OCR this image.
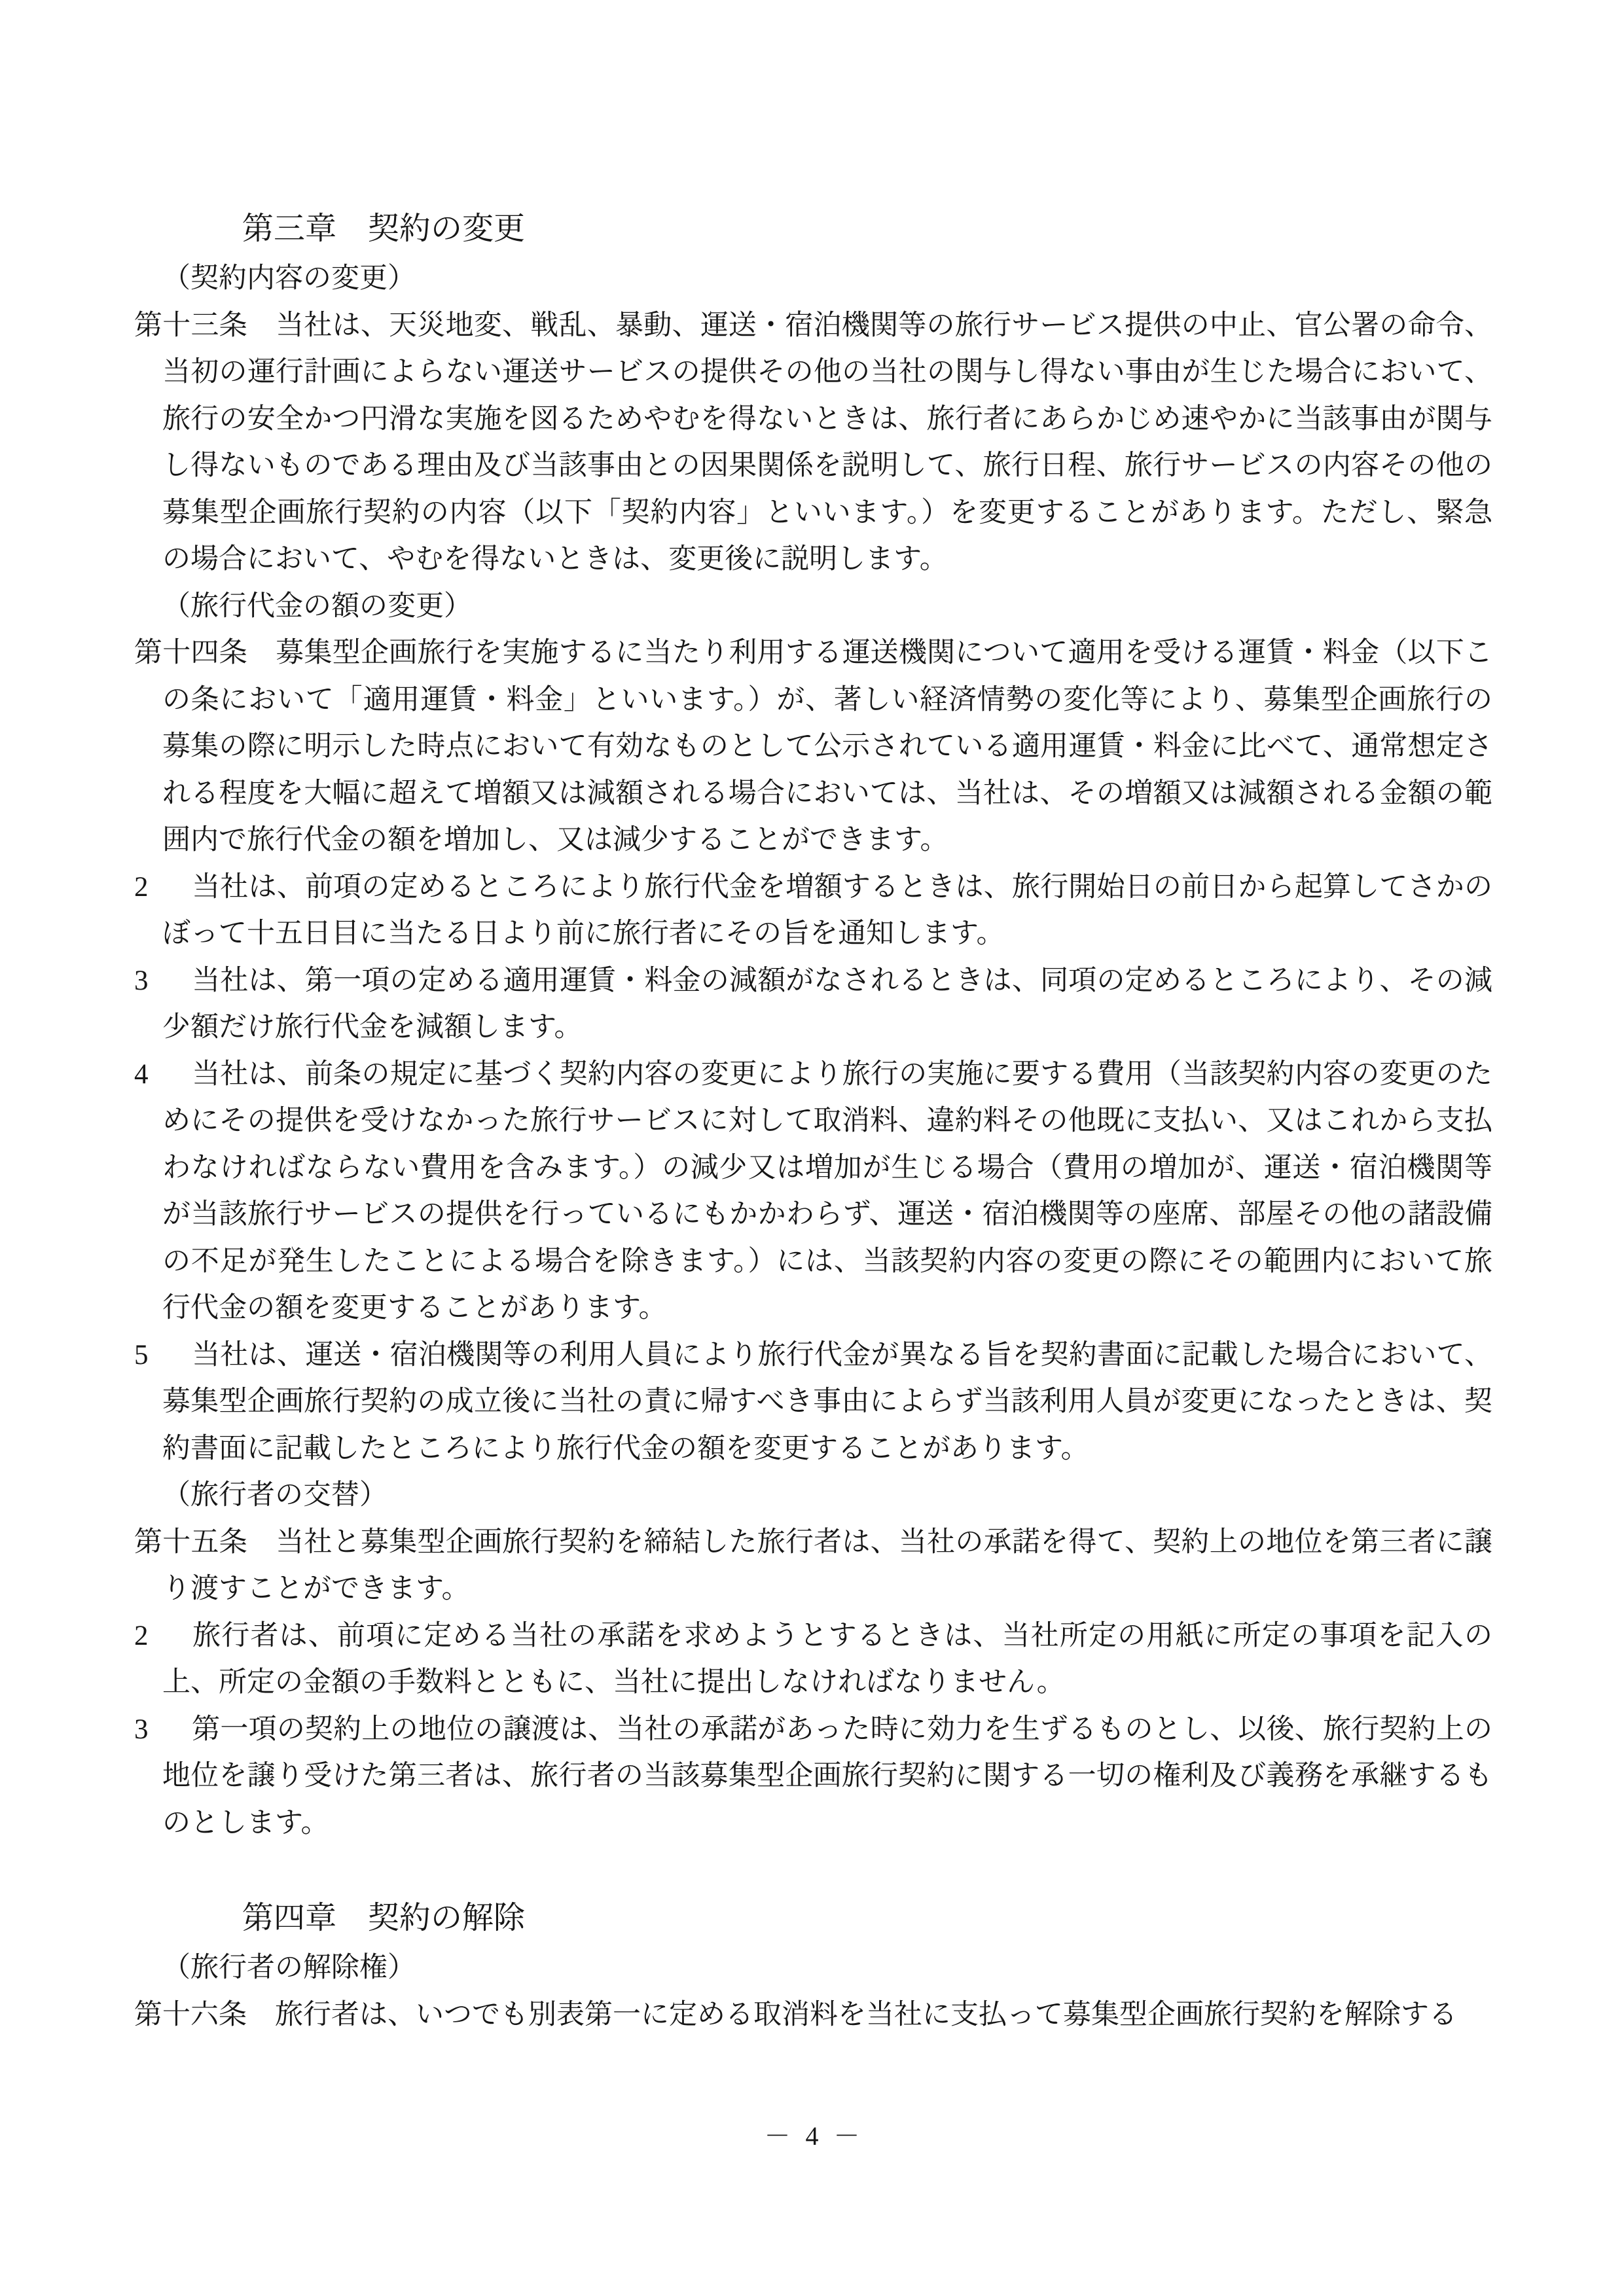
第三章　契約の変更
（契約内容の変更）
第十三条　 当社は、天災地変、戦乱、暴動、運送・宿泊機関等の旅行サービス提供の中止、官公署の命令、当初の運行計画によらない運送サービスの提供その他の当社の関与し得ない事由が生じた場合において、旅行の安全かつ円滑な実施を図るためやむを得ないときは、旅行者にあらかじめ速やかに当該事由が関与し得ないものである理由及び当該事由との因果関係を説明して、旅行日程、旅行サービスの内容その他の募集型企画旅行契約の内容（以下「契約内容」といいます。）を変更することがあります。ただし、緊急の場合において、やむを得ないときは、変更後に説明します。
（旅行代金の額の変更）
第十四条　 募集型企画旅行を実施するに当たり利用する運送機関について適用を受ける運賃・料金（以下この条において「適用運賃・料金」といいます。）が、著しい経済情勢の変化等により、募集型企画旅行の募集の際に明示した時点において有効なものとして公示されている適用運賃・料金に比べて、通常想定される程度を大幅に超えて増額又は減額される場合においては、当社は、その増額又は減額される金額の範囲内で旅行代金の額を増加し、又は減少することができます。
2 当社は、前項の定めるところにより旅行代金を増額するときは、旅行開始日の前日から起算してさかのぼって十五日目に当たる日より前に旅行者にその旨を通知します。
3 当社は、第一項の定める適用運賃・料金の減額がなされるときは、同項の定めるところにより、その減少額だけ旅行代金を減額します。
4 当社は、前条の規定に基づく契約内容の変更により旅行の実施に要する費用（当該契約内容の変更のためにその提供を受けなかった旅行サービスに対して取消料、違約料その他既に支払い、又はこれから支払わなければならない費用を含みます。）の減少又は増加が生じる場合（費用の増加が、運送・宿泊機関等が当該旅行サービスの提供を行っているにもかかわらず、運送・宿泊機関等の座席、部屋その他の諸設備の不足が発生したことによる場合を除きます。）には、当該契約内容の変更の際にその範囲内において旅行代金の額を変更することがあります。
5 当社は、運送・宿泊機関等の利用人員により旅行代金が異なる旨を契約書面に記載した場合において、募集型企画旅行契約の成立後に当社の責に帰すべき事由によらず当該利用人員が変更になったときは、契約書面に記載したところにより旅行代金の額を変更することがあります。
（旅行者の交替）
第十五条　 当社と募集型企画旅行契約を締結した旅行者は、当社の承諾を得て、契約上の地位を第三者に譲り渡すことができます。
2 旅行者は、前項に定める当社の承諾を求めようとするときは、当社所定の用紙に所定の事項を記入の上、所定の金額の手数料とともに、当社に提出しなければなりません。
3 第一項の契約上の地位の譲渡は、当社の承諾があった時に効力を生ずるものとし、以後、旅行契約上の地位を譲り受けた第三者は、旅行者の当該募集型企画旅行契約に関する一切の権利及び義務を承継するものとします。
第四章　契約の解除
（旅行者の解除権）
第十六条　 旅行者は、いつでも別表第一に定める取消料を当社に支払って募集型企画旅行契約を解除する
－ 4 －
